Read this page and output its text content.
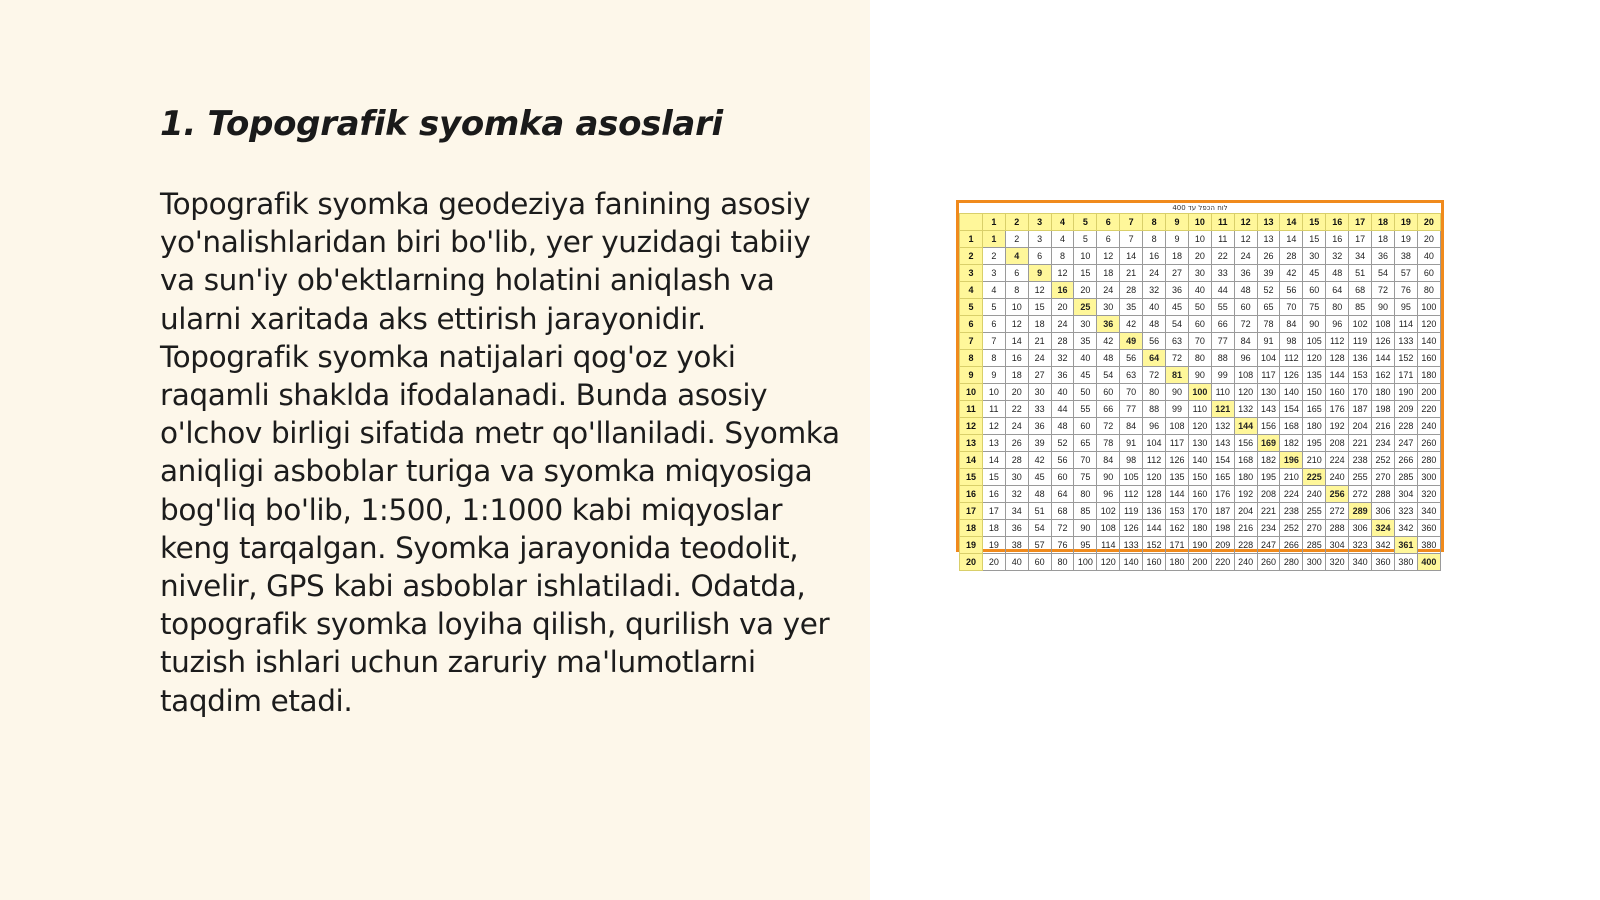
1. Topografik syomka asoslari

Topografik syomka geodeziya fanining asosiy yo'nalishlaridan biri bo'lib, yer yuzidagi tabiiy va sun'iy ob'ektlarning holatini aniqlash va ularni xaritada aks ettirish jarayonidir. Topografik syomka natijalari qog'oz yoki raqamli shaklda ifodalanadi. Bunda asosiy o'lchov birligi sifatida metr qo'llaniladi. Syomka aniqligi asboblar turiga va syomka miqyosiga bog'liq bo'lib, 1:500, 1:1000 kabi miqyoslar keng tarqalgan. Syomka jarayonida teodolit, nivelir, GPS kabi asboblar ishlatiladi. Odatda, topografik syomka loyiha qilish, qurilish va yer tuzish ishlari uchun zaruriy ma'lumotlarni taqdim etadi.

לוח הכפל עד 400
	1	2	3	4	5	6	7	8	9	10	11	12	13	14	15	16	17	18	19	20
1	1	2	3	4	5	6	7	8	9	10	11	12	13	14	15	16	17	18	19	20
2	2	4	6	8	10	12	14	16	18	20	22	24	26	28	30	32	34	36	38	40
3	3	6	9	12	15	18	21	24	27	30	33	36	39	42	45	48	51	54	57	60
4	4	8	12	16	20	24	28	32	36	40	44	48	52	56	60	64	68	72	76	80
5	5	10	15	20	25	30	35	40	45	50	55	60	65	70	75	80	85	90	95	100
6	6	12	18	24	30	36	42	48	54	60	66	72	78	84	90	96	102	108	114	120
7	7	14	21	28	35	42	49	56	63	70	77	84	91	98	105	112	119	126	133	140
8	8	16	24	32	40	48	56	64	72	80	88	96	104	112	120	128	136	144	152	160
9	9	18	27	36	45	54	63	72	81	90	99	108	117	126	135	144	153	162	171	180
10	10	20	30	40	50	60	70	80	90	100	110	120	130	140	150	160	170	180	190	200
11	11	22	33	44	55	66	77	88	99	110	121	132	143	154	165	176	187	198	209	220
12	12	24	36	48	60	72	84	96	108	120	132	144	156	168	180	192	204	216	228	240
13	13	26	39	52	65	78	91	104	117	130	143	156	169	182	195	208	221	234	247	260
14	14	28	42	56	70	84	98	112	126	140	154	168	182	196	210	224	238	252	266	280
15	15	30	45	60	75	90	105	120	135	150	165	180	195	210	225	240	255	270	285	300
16	16	32	48	64	80	96	112	128	144	160	176	192	208	224	240	256	272	288	304	320
17	17	34	51	68	85	102	119	136	153	170	187	204	221	238	255	272	289	306	323	340
18	18	36	54	72	90	108	126	144	162	180	198	216	234	252	270	288	306	324	342	360
19	19	38	57	76	95	114	133	152	171	190	209	228	247	266	285	304	323	342	361	380
20	20	40	60	80	100	120	140	160	180	200	220	240	260	280	300	320	340	360	380	400
